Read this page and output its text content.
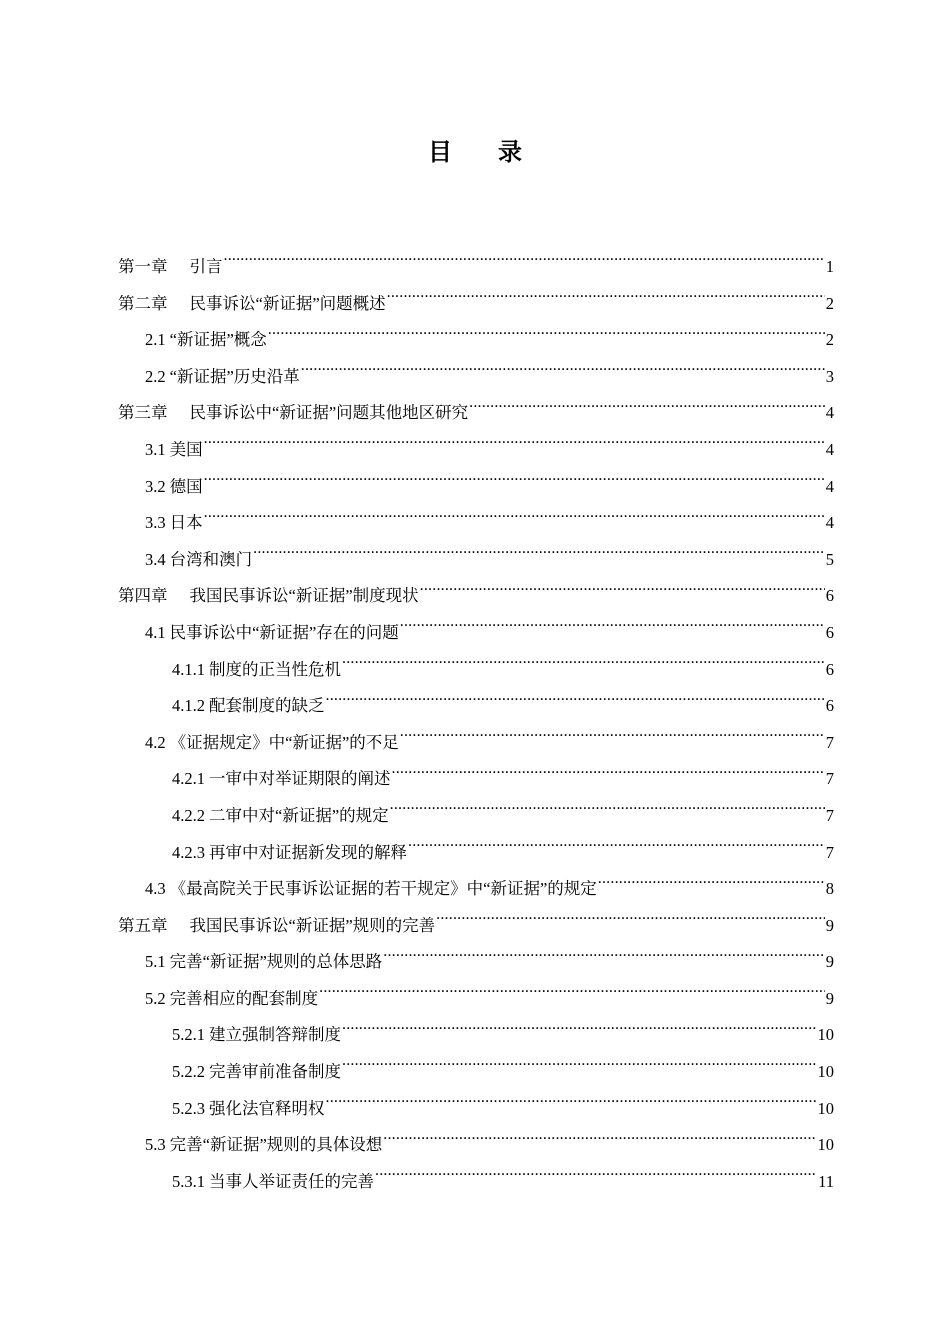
目 录
第一章 引言 .....	1
第二章 民事诉讼“新证据”问题概述 .....	2
2.1 “新证据”概念 .....	2
2.2 “新证据”历史沿革 .....	3
第三章 民事诉讼中“新证据”问题其他地区研究 .....	4
3.1 美国 .....	4
3.2 德国 .....	4
3.3 日本 .....	4
3.4 台湾和澳门 .....	5
第四章 我国民事诉讼“新证据”制度现状 .....	6
4.1 民事诉讼中“新证据”存在的问题 .....	6
4.1.1 制度的正当性危机 .....	6
4.1.2 配套制度的缺乏 .....	6
4.2 《证据规定》中“新证据”的不足 .....	7
4.2.1 一审中对举证期限的阐述 .....	7
4.2.2 二审中对“新证据”的规定 .....	7
4.2.3 再审中对证据新发现的解释 .....	7
4.3 《最高院关于民事诉讼证据的若干规定》中“新证据”的规定 .....	8
第五章 我国民事诉讼“新证据”规则的完善 .....	9
5.1 完善“新证据”规则的总体思路 .....	9
5.2 完善相应的配套制度 .....	9
5.2.1 建立强制答辩制度 .....	10
5.2.2 完善审前准备制度 .....	10
5.2.3 强化法官释明权 .....	10
5.3 完善“新证据”规则的具体设想 .....	10
5.3.1 当事人举证责任的完善 .....	11
